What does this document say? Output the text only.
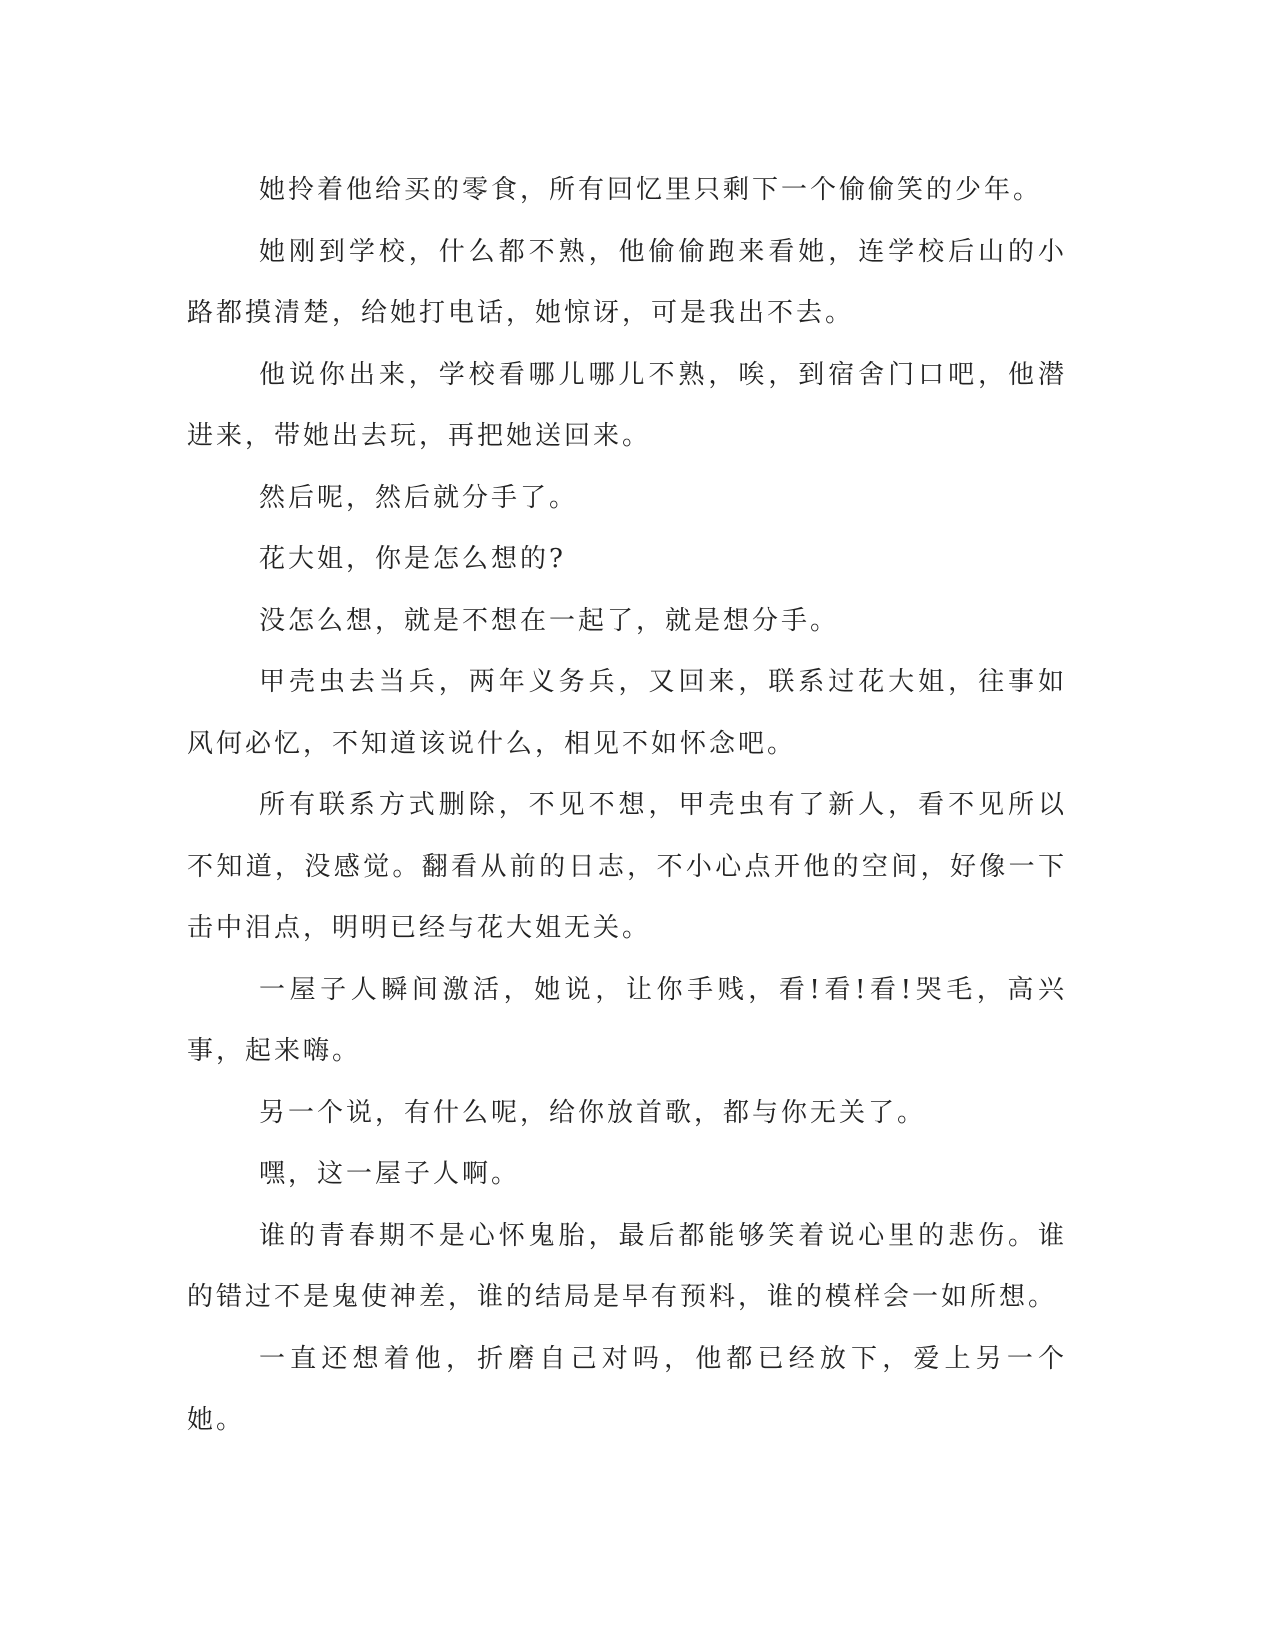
她拎着他给买的零食，所有回忆里只剩下一个偷偷笑的少年。

她刚到学校，什么都不熟，他偷偷跑来看她，连学校后山的小路都摸清楚，给她打电话，她惊讶，可是我出不去。

他说你出来，学校看哪儿哪儿不熟，唉，到宿舍门口吧，他潜进来，带她出去玩，再把她送回来。

然后呢，然后就分手了。

花大姐，你是怎么想的?

没怎么想，就是不想在一起了，就是想分手。

甲壳虫去当兵，两年义务兵，又回来，联系过花大姐，往事如风何必忆，不知道该说什么，相见不如怀念吧。

所有联系方式删除，不见不想，甲壳虫有了新人，看不见所以不知道，没感觉。翻看从前的日志，不小心点开他的空间，好像一下击中泪点，明明已经与花大姐无关。

一屋子人瞬间激活，她说，让你手贱，看!看!看!哭毛，高兴事，起来嗨。

另一个说，有什么呢，给你放首歌，都与你无关了。

嘿，这一屋子人啊。

谁的青春期不是心怀鬼胎，最后都能够笑着说心里的悲伤。谁的错过不是鬼使神差，谁的结局是早有预料，谁的模样会一如所想。

一直还想着他，折磨自己对吗，他都已经放下，爱上另一个她。
